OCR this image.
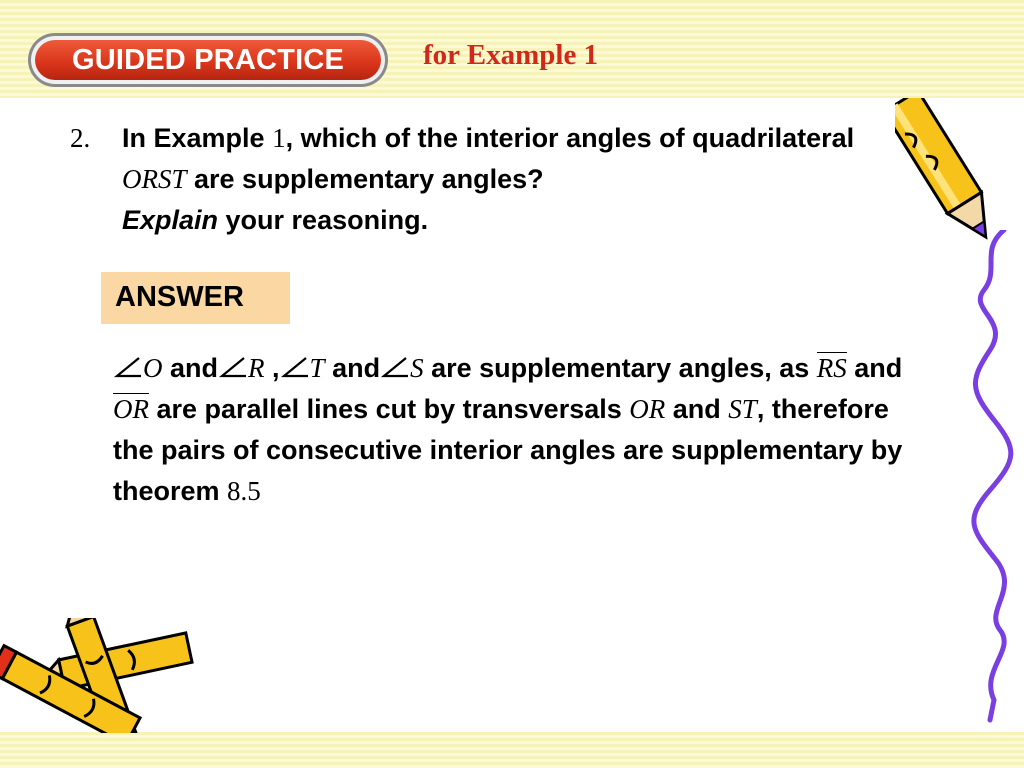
GUIDED PRACTICE	for Example 1
2. In Example 1, which of the interior angles of quadrilateral ORST are supplementary angles?
Explain your reasoning.
ANSWER
O and R , T and S are supplementary angles, as RS and OR are parallel lines cut by transversals OR and ST, therefore the pairs of consecutive interior angles are supplementary by theorem 8.5
